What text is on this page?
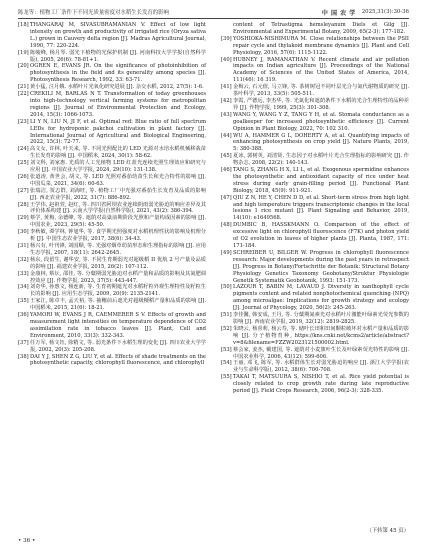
陈龙等：植物工厂条件下不同光质量密度对水稻生长发育的影响	中 国 农 学 2025,31(3):30-36
[18] THANGARAJ M, SIVASUBRAMANIAN V. Effect of low light intensity on growth and productivity of irrigated rice (Oryza sativa L.) grown in Cauvery delta region [J]. Madras Agricultural Journal, 1990, 77: 220-224.
[19] 陈峻峰, 杨月琴. 弱光下植物的光保护机制 [J]. 河南科技大学学报(自然科学版), 2005, 26(6): 78-81+1.
[20] OGREN E, EVANS JR. On the significance of photoinhibition of photosynthesis in the field and its generality among species [J]. Photosynthesis Research, 1992, 33: 63-71.
[21] 黄小猛, 汪月娥. 水稻叶片光氧化研究进展 [J]. 杂交水稻, 2012, 27(5): 1-6.
[22] CREKILI M, BARLAS N T. Transformation of today greenhouses into high-technology vertical farming systems for metropolitan regions [J]. Journal of Environmental Protection and Ecology, 2014, 15(3): 1066-1073.
[23] LI Y N, LIU N, JI F, et al. Optimal red: Blue ratio of full spectrum LEDs for hydroponic pakchoi cultivation in plant factory [J]. International Journal of Agricultural and Biological Engineering, 2022, 15(3): 72-77.
[24] 高文女, 许林, 叶天来, 等. 不同光照配比的 LED 光源对水培水稻机械移栽苗生长发育的影响 [J]. 中国稻米, 2024, 30(1): 58-62.
[25] 刘文科, 刘家惠. 光质的人工光植物 LED 红蓝光连续光照生理效应和研究与应用 [J]. 中国农业大学学报, 2024, 29(10): 131-138.
[26] 张道涛, 黄世会, 胡文, 等. LED 光照对番茄幼苗生长和光合特性的影响 [J]. 中国瓜菜, 2021, 34(6): 60-63.
[27] 张瑞洁, 贾志群, 刘海旺, 等. 植物工厂中光强对番茄生长发育及品质的影响 [J]. 西北农业学报, 2022, 31(7): 886-892.
[28] 王学伟, 赵祖萱, 赵红, 等. 四川省阿坝农业连续阴雨弱光胁迫的响应差异及其评价体系构建 [J]. 云南大学学报(自然科学版), 2021, 43(2): 386-394.
[29] 蔡学, 黄梅, 余德峰, 等. 遮荫对高粱前期阶段光照和产量构成因素的影响 [J]. 中国农业, 2023, 29(5): 45-50.
[30] 李秋敏, 谭学林, 钟旭华, 等. 食学期光照强度对水稻机理性状的影响及机理分析 [J]. 中国生态农业学报, 2017, 38(6): 34-43.
[31] 杨兴有, 叶刊锋, 刘国顺, 等. 光强对烟草幼苗形态和生理指标的影响 [J]. 应用生态学报, 2007, 18(11): 2642-2645.
[32] 杨东, 段留生, 谢华安, 等. 不同生育期弱光对超级稻 II 优航 2 号产量及品质的影响 [J]. 福建农业学报, 2015, 26(2): 107-112.
[33] 金康林, 蔡坛, 邵佳, 等. 分蘖期弱光胁迫对水稻产量和品质的影响及其氮肥调控效应 [J]. 作物学报, 2023, 37(5): 443-447.
[34] 刘奇华, 孙惠文, 杨连新, 等. 生育初期遮光对水稻籽粒外观生理特性及籽粒生长的影响 [J]. 应用生态学报, 2009, 20(9): 2135-2141.
[35] 王家江, 陈卓丰, 孟天裕, 等. 抽穗前后遮光对超级粳稻产量和品质的影响 [J]. 中国稻米, 2015, 21(6): 18-21.
[36] YAMORI W, EVANS J R, CAEMMERER S V. Effects of growth and measurement light intensities on temperature dependence of CO2 assimilation rate in tobacco leaves [J]. Plant, Cell and Environment, 2010, 33(3): 332-343.
[37] 任万军, 杨文钰, 徐精文, 等. 弱光条件下水稻生理的变化 [J]. 四川农业大学学报, 2002, 20(3): 205-208.
[38] DAI Y J, SHEN Z G, LIU Y, et al. Effects of shade treatments on the photosynthetic capacity, chlorophyll fluorescence, and chlorophyll
content of Tetrastigma hemsleyanum Diels et Gilg [J]. Environmental and Experimental Botany, 2009, 65(2-3): 177-182.
[39] YOSHIOKA-NISHIMURA M. Close relationships between the PSII repair cycle and thylakoid membrane dynamics [J]. Plant and Cell Physiology, 2016, 57(6): 1115-1122.
[40] HUBNEY J, RAMANATHAN V. Recent climate and air pollution impacts on Indian agriculture [J]. Proceedings of the National Academy of Sciences of the United States of America, 2014, 111(46): 16 319.
[41] 金梅云, 石元值, 马立锋, 等. 茶树树冠不同叶层光合与氮代谢物质的研究 [J]. 茶叶科学, 2013, 33(5): 505-511.
[42] 李霞, 严德远, 李杰华, 等. 光氮化和遮荫条件下水稻的光合生理特性的品种差异 [J]. 作物学报, 1999, 25(3): 301-308.
[43] WANG Y, WANG Y Z, TANG Y H, et al. Stomata conductance as a goalkeeper for increased photosynthetic efficiency [J]. Current Opinion in Plant Biology, 2022, 70: 102 310.
[44] WU A, HAMMER G L, DOHERTY A, et al. Quantifying impacts of enhancing photosynthesis on crop yield [J]. Nature Plants, 2019, 5: 380-388.
[45] 夏冰, 郭树英, 刘清贤. 生态因子对水稻叶片光合生理指标的影响研究 [J]. 作物杂志, 2008, 22(2): 140-143.
[46] TANG S, ZHANG H X, LI L, et al. Exogenous spermidine enhances the photosynthetic and antioxidant capacity of rice under heat stress during early grain-filling period [J]. Functional Plant Biology, 2018, 45(9): 911-921.
[47] QIU Z N, HE Y, CHEN D D, et al. Short-term stress from high light and high temperature triggers transcriptomic changes in the local lesions 1 rice mutant [J]. Plant Signaling and Behavior, 2019, 14(10): e1649568.
[48] DUMBIC B, HASSKMANN O. Comparison of the effect of excessive light on chlorophyll fluorescence (F7K) and photon yield of O2 evolution in leaves of higher plants [J]. Planta, 1987, 171: 171-184.
[49] SCHREIBER U, BILGER W. Progress in chlorophyll fluorescence research: Major developments during the past years in retrospect [J]. Progress in Botany/Fortschritte der Botanik: Structural Botany Physiology Genetics Taxonomy Geobotany/Struktur Physiologie Genetik Systematik Geobotanik, 1993: 151-173.
[50] LAZOUR T, BABIN M, LAVAUD J. Diversity in xanthophyll cycle pigments content and related nonphotochemical quenching (NPQ) among microalgae: Implications for growth strategy and ecology [J]. Journal of Phycology, 2020, 56(2): 245-263.
[51] 李佳馨, 韩安成, 王丹, 等. 分蘖期氮素光对水稻叶片激能叶绿素光荧光参数的影响 [J]. 西南农业学报, 2019, 32(12): 2819-2825.
[52] 朱晓云, 杨喜莉, 杨云寿, 等. 储叶长田和田间颗粒破坏对水稻产量和品质的影响 [J]. 分子植物育种, https://kns.cnki.net/kcms2/article/abstract?v=8&filename=FZZW2023121500002.html.
[53] 蔡会家, 姜杰, 戴建国, 等. 遮荫对小麦旗叶生长及叶绿素荧光特性的影响 [J]. 中国农业科学, 2006, 43(12): 599-606.
[54] 王丽, 邓飞, 陈军, 等. 水稻群体生长对弱光胁迫的响应 [J]. 浙江大学学报(农业与生命科学版), 2012, 38(6): 700-708.
[55] TAKAI T, MATSUURA S, NISHIO T, et al. Rice yield potential is closely related to crop growth rate during late reproductive period [J]. Field Crops Research, 2006, 96(2-3): 328-335.
（下转第 45 页）
• 36 •
